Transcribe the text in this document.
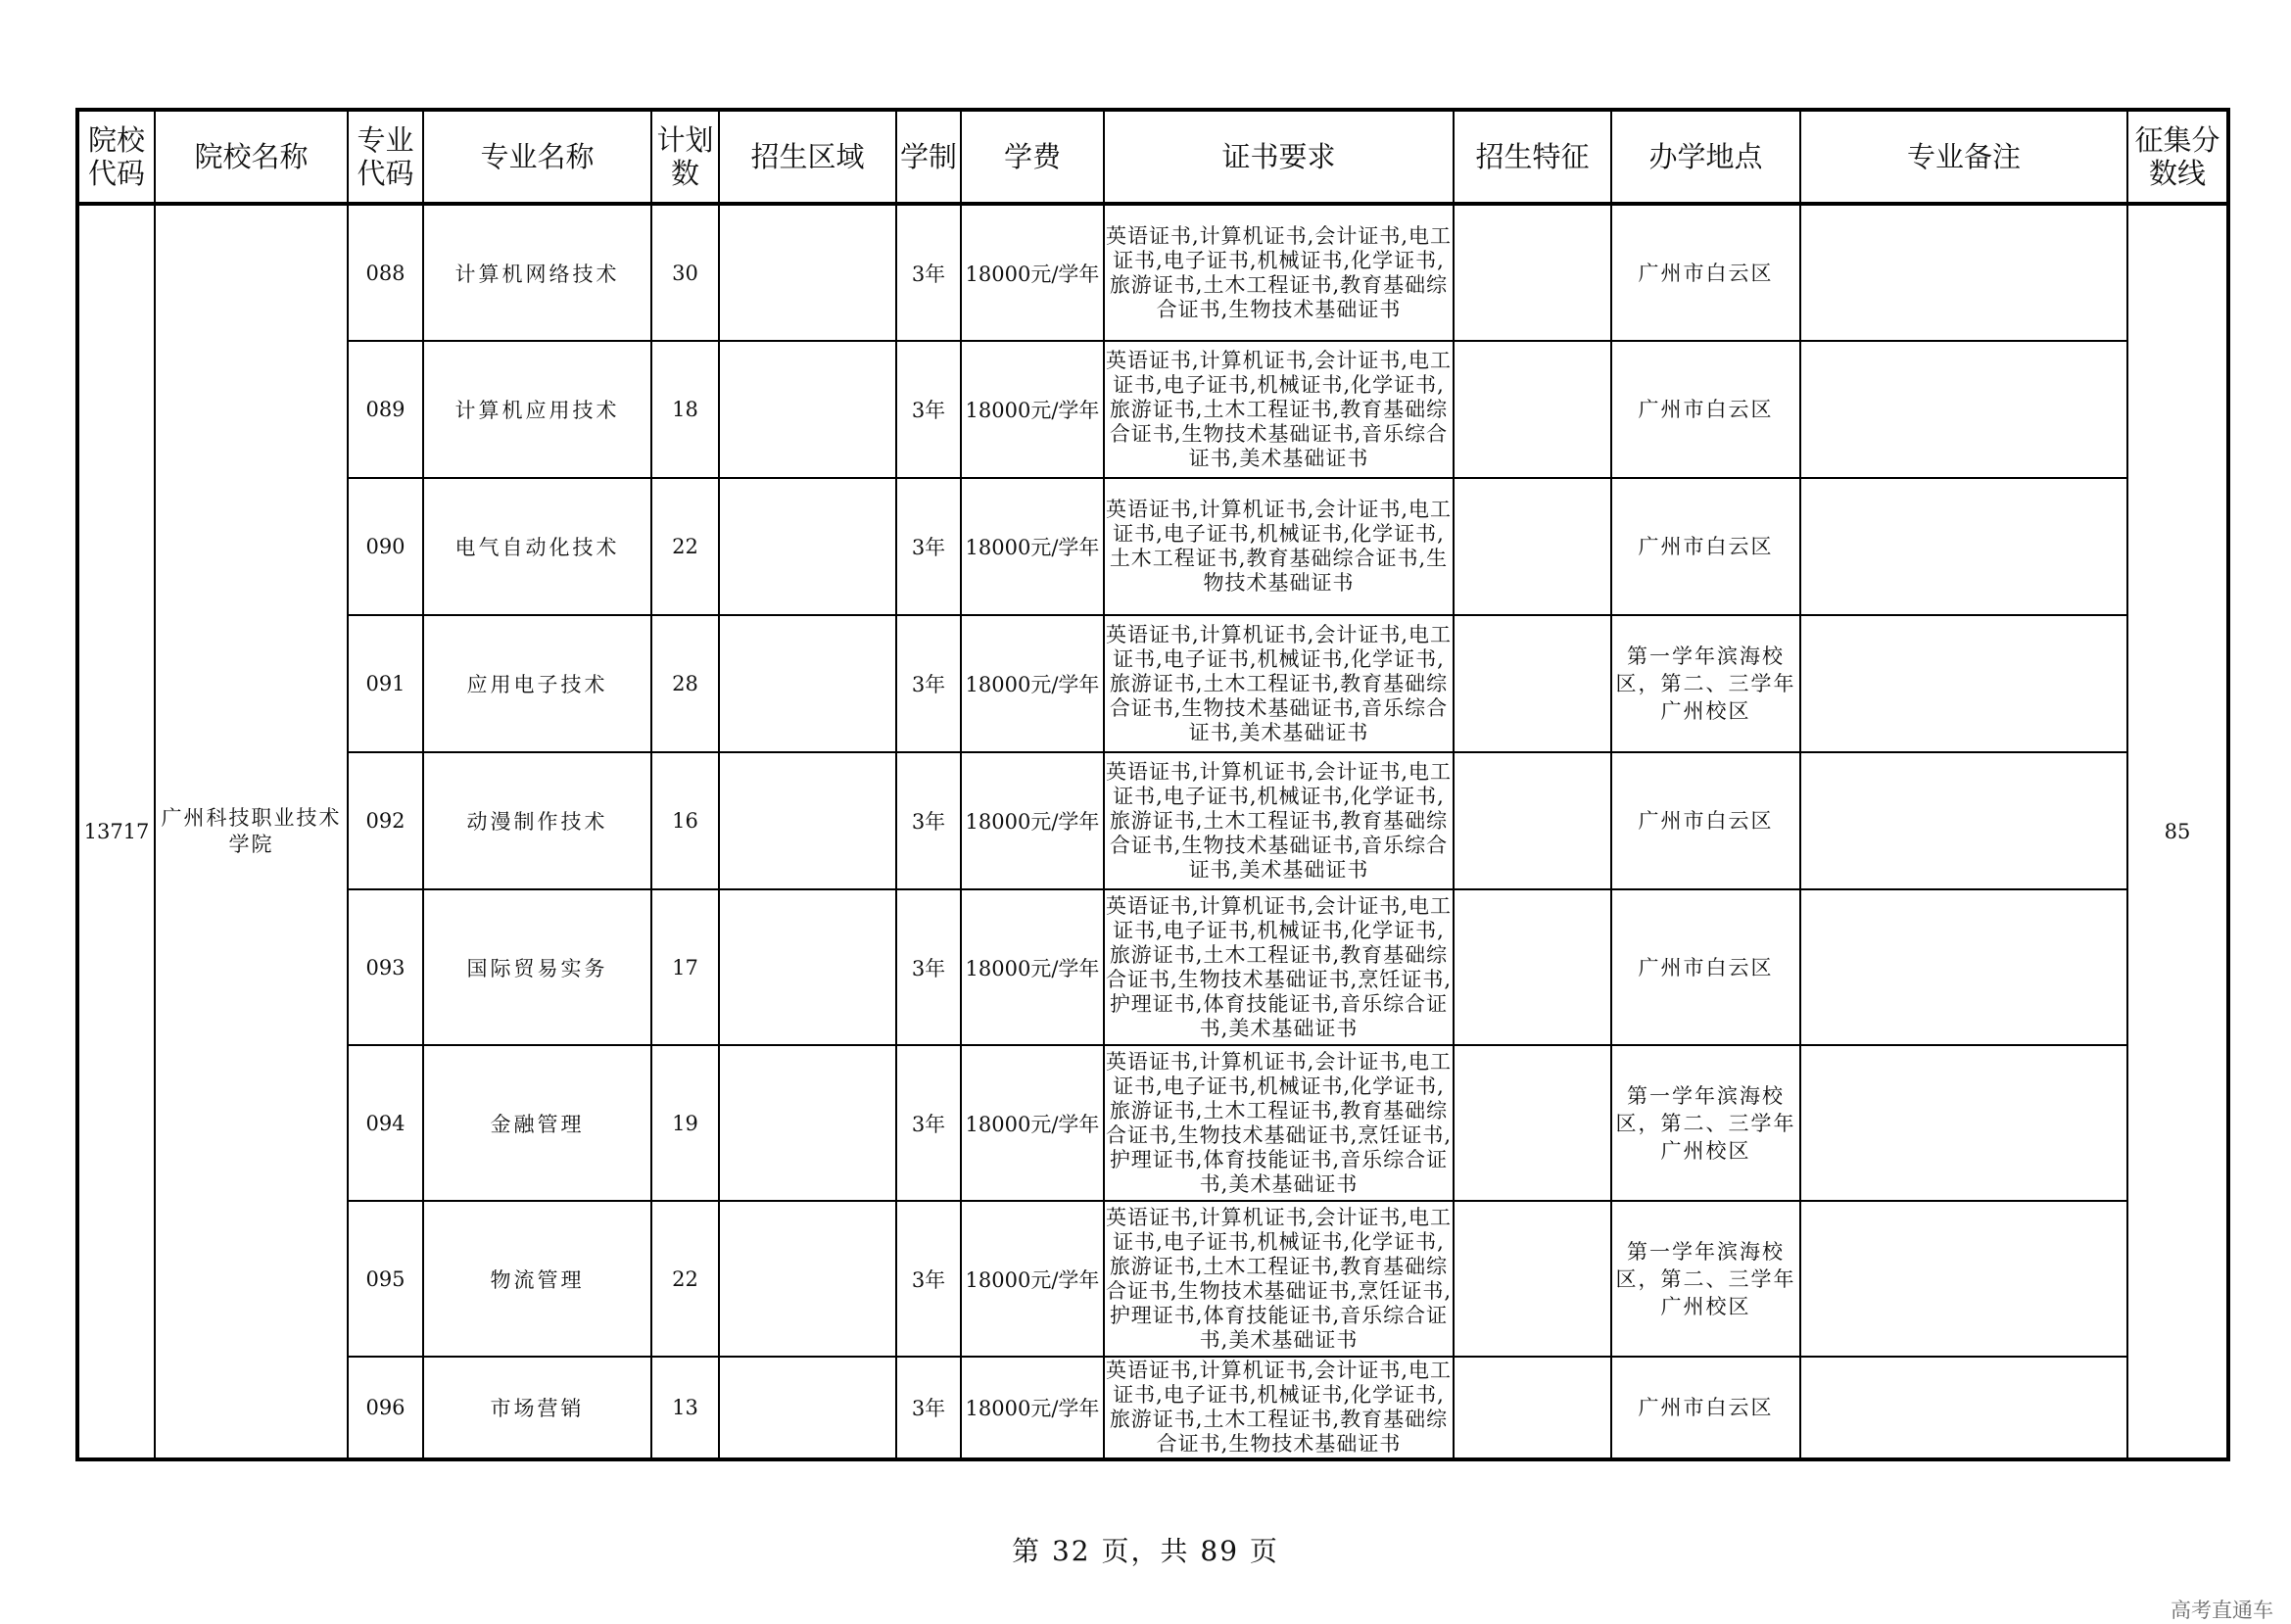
院校代码	院校名称	专业代码	专业名称	计划数	招生区域	学制	学费	证书要求	招生特征	办学地点	专业备注	征集分数线
13717	广州科技职业技术学院	088	计算机网络技术	30		3年	18000元/学年	英语证书,计算机证书,会计证书,电工证书,电子证书,机械证书,化学证书,旅游证书,土木工程证书,教育基础综合证书,生物技术基础证书		广州市白云区		85
		089	计算机应用技术	18		3年	18000元/学年	英语证书,计算机证书,会计证书,电工证书,电子证书,机械证书,化学证书,旅游证书,土木工程证书,教育基础综合证书,生物技术基础证书,音乐综合证书,美术基础证书		广州市白云区		
		090	电气自动化技术	22		3年	18000元/学年	英语证书,计算机证书,会计证书,电工证书,电子证书,机械证书,化学证书,土木工程证书,教育基础综合证书,生物技术基础证书		广州市白云区		
		091	应用电子技术	28		3年	18000元/学年	英语证书,计算机证书,会计证书,电工证书,电子证书,机械证书,化学证书,旅游证书,土木工程证书,教育基础综合证书,生物技术基础证书,音乐综合证书,美术基础证书		第一学年滨海校区，第二、三学年广州校区		
		092	动漫制作技术	16		3年	18000元/学年	英语证书,计算机证书,会计证书,电工证书,电子证书,机械证书,化学证书,旅游证书,土木工程证书,教育基础综合证书,生物技术基础证书,音乐综合证书,美术基础证书		广州市白云区		
		093	国际贸易实务	17		3年	18000元/学年	英语证书,计算机证书,会计证书,电工证书,电子证书,机械证书,化学证书,旅游证书,土木工程证书,教育基础综合证书,生物技术基础证书,烹饪证书,护理证书,体育技能证书,音乐综合证书,美术基础证书		广州市白云区		
		094	金融管理	19		3年	18000元/学年	英语证书,计算机证书,会计证书,电工证书,电子证书,机械证书,化学证书,旅游证书,土木工程证书,教育基础综合证书,生物技术基础证书,烹饪证书,护理证书,体育技能证书,音乐综合证书,美术基础证书		第一学年滨海校区，第二、三学年广州校区		
		095	物流管理	22		3年	18000元/学年	英语证书,计算机证书,会计证书,电工证书,电子证书,机械证书,化学证书,旅游证书,土木工程证书,教育基础综合证书,生物技术基础证书,烹饪证书,护理证书,体育技能证书,音乐综合证书,美术基础证书		第一学年滨海校区，第二、三学年广州校区		
		096	市场营销	13		3年	18000元/学年	英语证书,计算机证书,会计证书,电工证书,电子证书,机械证书,化学证书,旅游证书,土木工程证书,教育基础综合证书,生物技术基础证书		广州市白云区		
第 32 页，共 89 页
高考直通车
